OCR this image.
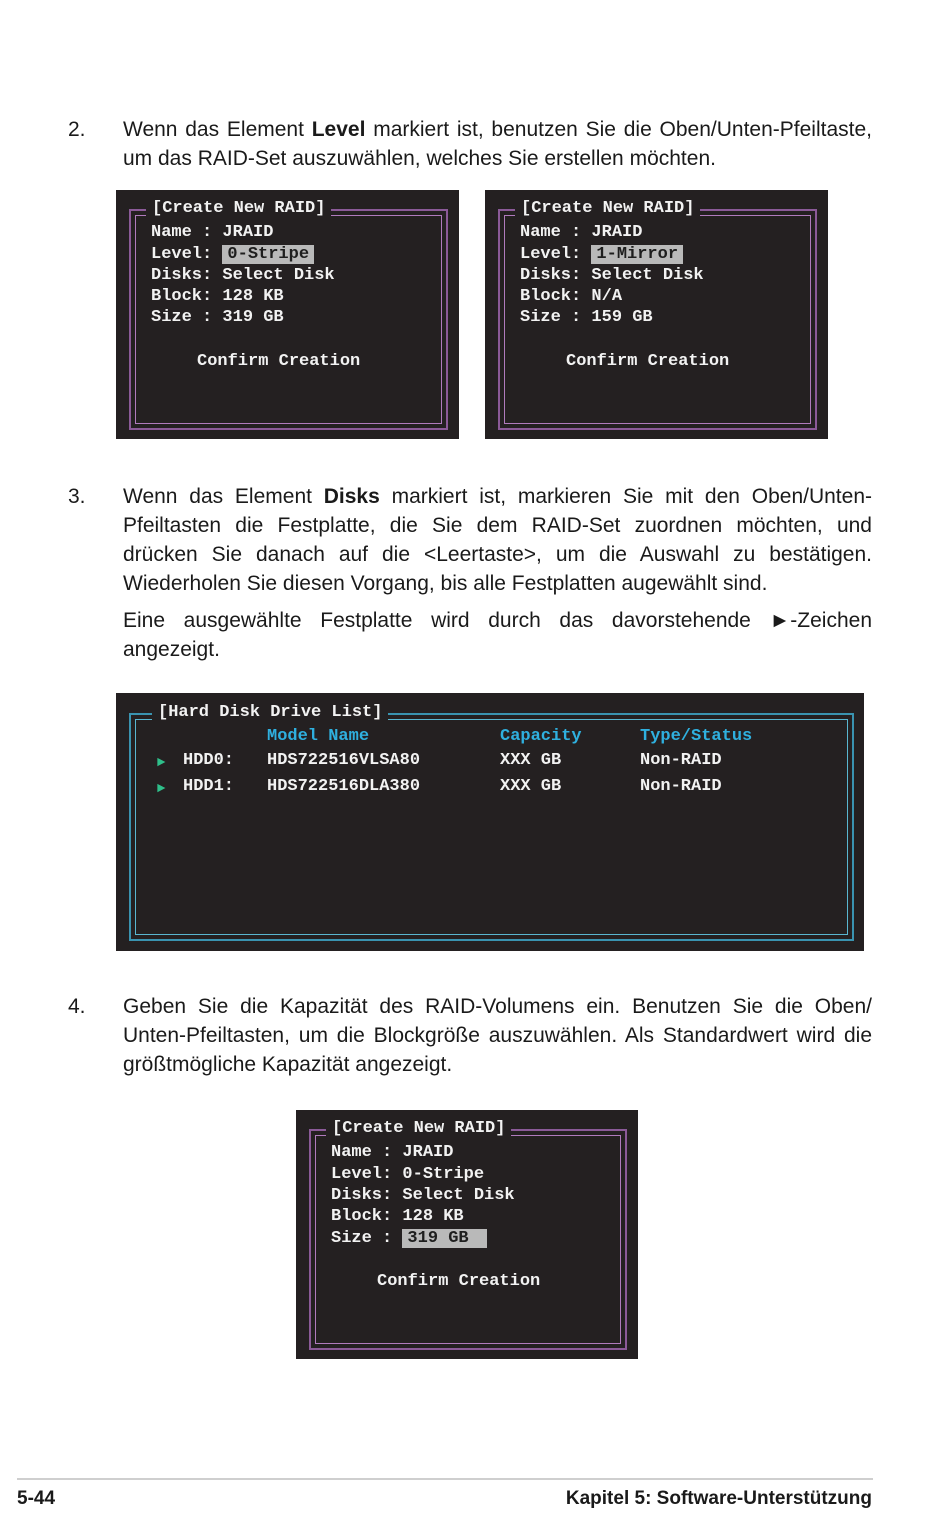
2. Wenn das Element Level markiert ist, benutzen Sie die Oben/Unten-Pfeiltaste, um das RAID-Set auszuwählen, welches Sie erstellen möchten.

[Create New RAID]
Name : JRAID
Level: 0-Stripe
Disks: Select Disk
Block: 128 KB
Size : 319 GB
Confirm Creation
[Create New RAID]
Name : JRAID
Level: 1-Mirror
Disks: Select Disk
Block: N/A
Size : 159 GB
Confirm Creation
3. Wenn das Element Disks markiert ist, markieren Sie mit den Oben/Unten-Pfeiltasten die Festplatte, die Sie dem RAID-Set zuordnen möchten, und drücken Sie danach auf die <Leertaste>, um die Auswahl zu bestätigen. Wiederholen Sie diesen Vorgang, bis alle Festplatten augewählt sind.

Eine ausgewählte Festplatte wird durch das davorstehende ►-Zeichen angezeigt.

[Hard Disk Drive List]
Model Name	Capacity	Type/Status
► HDD0: HDS722516VLSA80	XXX GB	Non-RAID
► HDD1: HDS722516DLA380	XXX GB	Non-RAID
4. Geben Sie die Kapazität des RAID-Volumens ein. Benutzen Sie die Oben/ Unten-Pfeiltasten, um die Blockgröße auszuwählen. Als Standardwert wird die größtmögliche Kapazität angezeigt.

[Create New RAID]
Name : JRAID
Level: 0-Stripe
Disks: Select Disk
Block: 128 KB
Size : 319 GB
Confirm Creation
5-44	Kapitel 5: Software-Unterstützung
